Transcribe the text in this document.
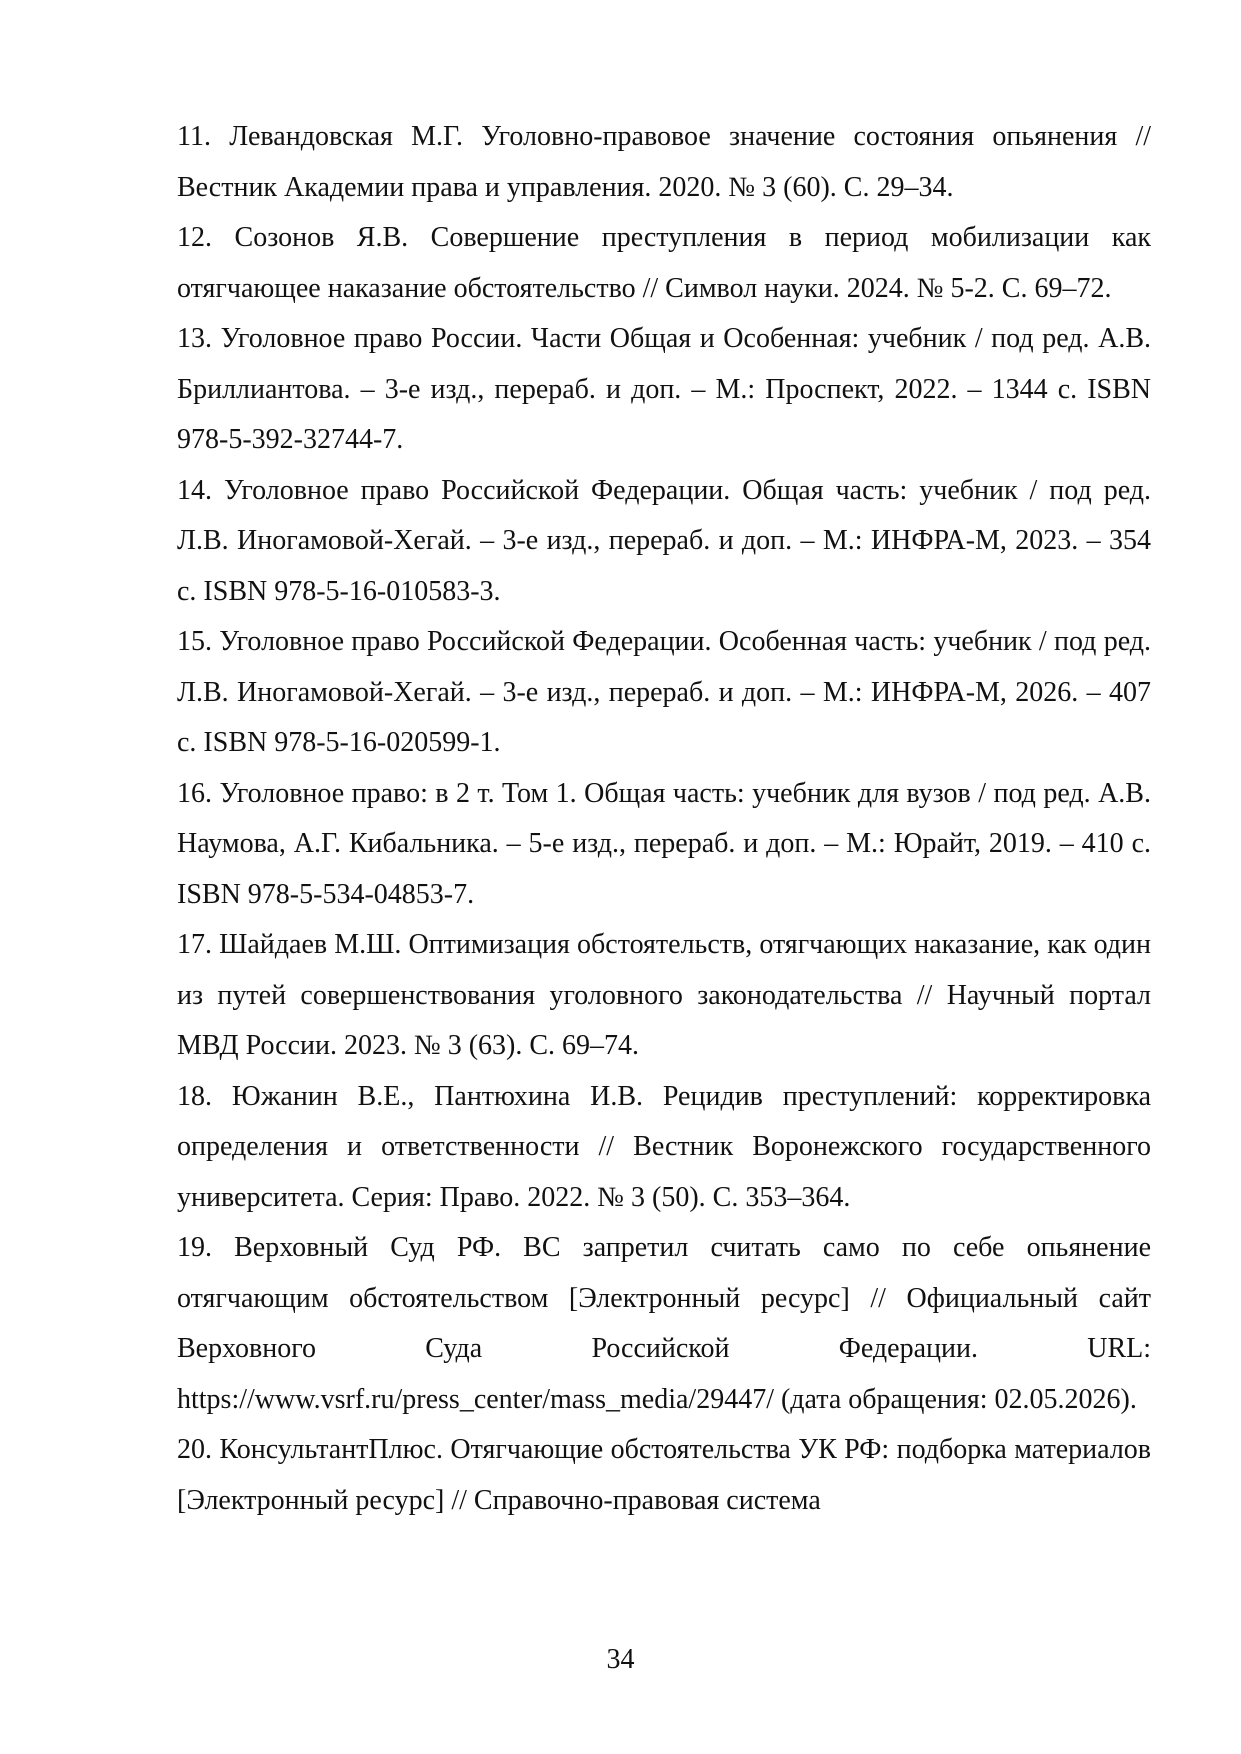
11. Левандовская М.Г. Уголовно-правовое значение состояния опьянения // Вестник Академии права и управления. 2020. № 3 (60). С. 29–34.

12. Созонов Я.В. Совершение преступления в период мобилизации как отягчающее наказание обстоятельство // Символ науки. 2024. № 5-2. С. 69–72.

13. Уголовное право России. Части Общая и Особенная: учебник / под ред. А.В. Бриллиантова. – 3-е изд., перераб. и доп. – М.: Проспект, 2022. – 1344 с. ISBN 978-5-392-32744-7.

14. Уголовное право Российской Федерации. Общая часть: учебник / под ред. Л.В. Иногамовой-Хегай. – 3-е изд., перераб. и доп. – М.: ИНФРА-М, 2023. – 354 с. ISBN 978-5-16-010583-3.

15. Уголовное право Российской Федерации. Особенная часть: учебник / под ред. Л.В. Иногамовой-Хегай. – 3-е изд., перераб. и доп. – М.: ИНФРА-М, 2026. – 407 с. ISBN 978-5-16-020599-1.

16. Уголовное право: в 2 т. Том 1. Общая часть: учебник для вузов / под ред. А.В. Наумова, А.Г. Кибальника. – 5-е изд., перераб. и доп. – М.: Юрайт, 2019. – 410 с. ISBN 978-5-534-04853-7.

17. Шайдаев М.Ш. Оптимизация обстоятельств, отягчающих наказание, как один из путей совершенствования уголовного законодательства // Научный портал МВД России. 2023. № 3 (63). С. 69–74.

18. Южанин В.Е., Пантюхина И.В. Рецидив преступлений: корректировка определения и ответственности // Вестник Воронежского государственного университета. Серия: Право. 2022. № 3 (50). С. 353–364.

19. Верховный Суд РФ. ВС запретил считать само по себе опьянение отягчающим обстоятельством [Электронный ресурс] // Официальный сайт Верховного Суда Российской Федерации. URL: https://www.vsrf.ru/press_center/mass_media/29447/ (дата обращения: 02.05.2026).

20. КонсультантПлюс. Отягчающие обстоятельства УК РФ: подборка материалов [Электронный ресурс] // Справочно-правовая система

34
